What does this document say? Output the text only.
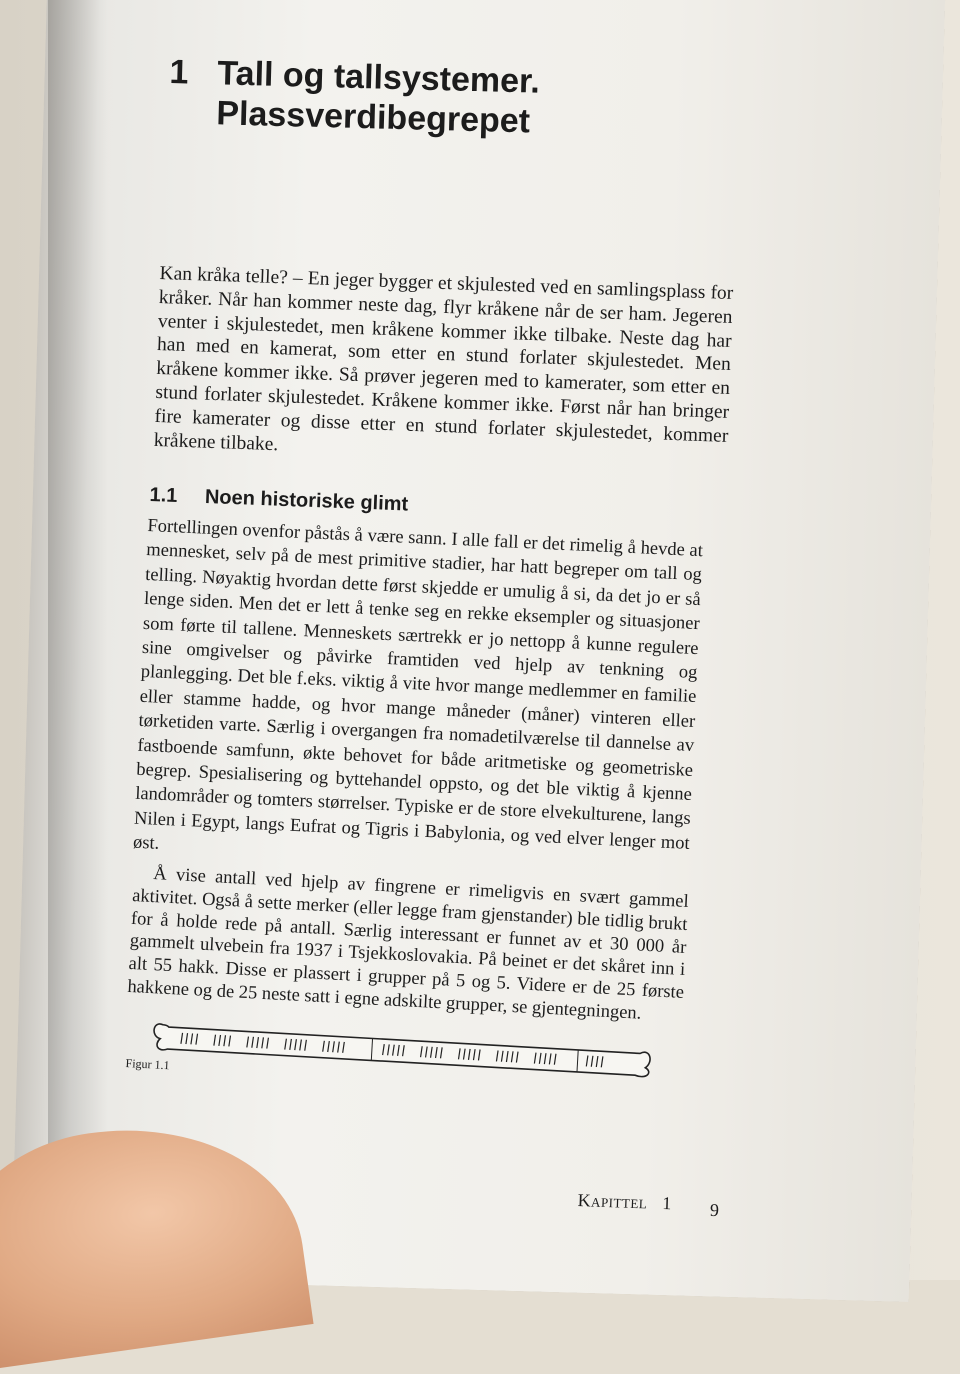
1 Tall og tallsystemer.
Plassverdibegrepet

Kan kråka telle? – En jeger bygger et skjulested ved en samlingsplass for kråker. Når han kommer neste dag, flyr kråkene når de ser ham. Jegeren venter i skjulestedet, men kråkene kommer ikke tilbake. Neste dag har han med en kamerat, som etter en stund forlater skjulestedet. Men kråkene kommer ikke. Så prøver jegeren med to kamerater, som etter en stund forlater skjulestedet. Kråkene kommer ikke. Først når han bringer fire kamerater og disse etter en stund forlater skjulestedet, kommer kråkene tilbake.

1.1 Noen historiske glimt

Fortellingen ovenfor påstås å være sann. I alle fall er det rimelig å hevde at mennesket, selv på de mest primitive stadier, har hatt begreper om tall og telling. Nøyaktig hvordan dette først skjedde er umulig å si, da det jo er så lenge siden. Men det er lett å tenke seg en rekke eksempler og situasjoner som førte til tallene. Menneskets særtrekk er jo nettopp å kunne regulere sine omgivelser og påvirke framtiden ved hjelp av tenkning og planlegging. Det ble f.eks. viktig å vite hvor mange medlemmer en familie eller stamme hadde, og hvor mange måneder (måner) vinteren eller tørketiden varte. Særlig i overgangen fra nomadetilværelse til dannelse av fastboende samfunn, økte behovet for både aritmetiske og geometriske begrep. Spesialisering og byttehandel oppsto, og det ble viktig å kjenne landområder og tomters størrelser. Typiske er de store elvekulturene, langs Nilen i Egypt, langs Eufrat og Tigris i Babylonia, og ved elver lenger mot øst.

Å vise antall ved hjelp av fingrene er rimeligvis en svært gammel aktivitet. Også å sette merker (eller legge fram gjenstander) ble tidlig brukt for å holde rede på antall. Særlig interessant er funnet av et 30 000 år gammelt ulvebein fra 1937 i Tsjekkoslovakia. På beinet er det skåret inn i alt 55 hakk. Disse er plassert i grupper på 5 og 5. Videre er de 25 første hakkene og de 25 neste satt i egne adskilte grupper, se gjentegningen.

Figur 1.1
Kapittel 1 9
